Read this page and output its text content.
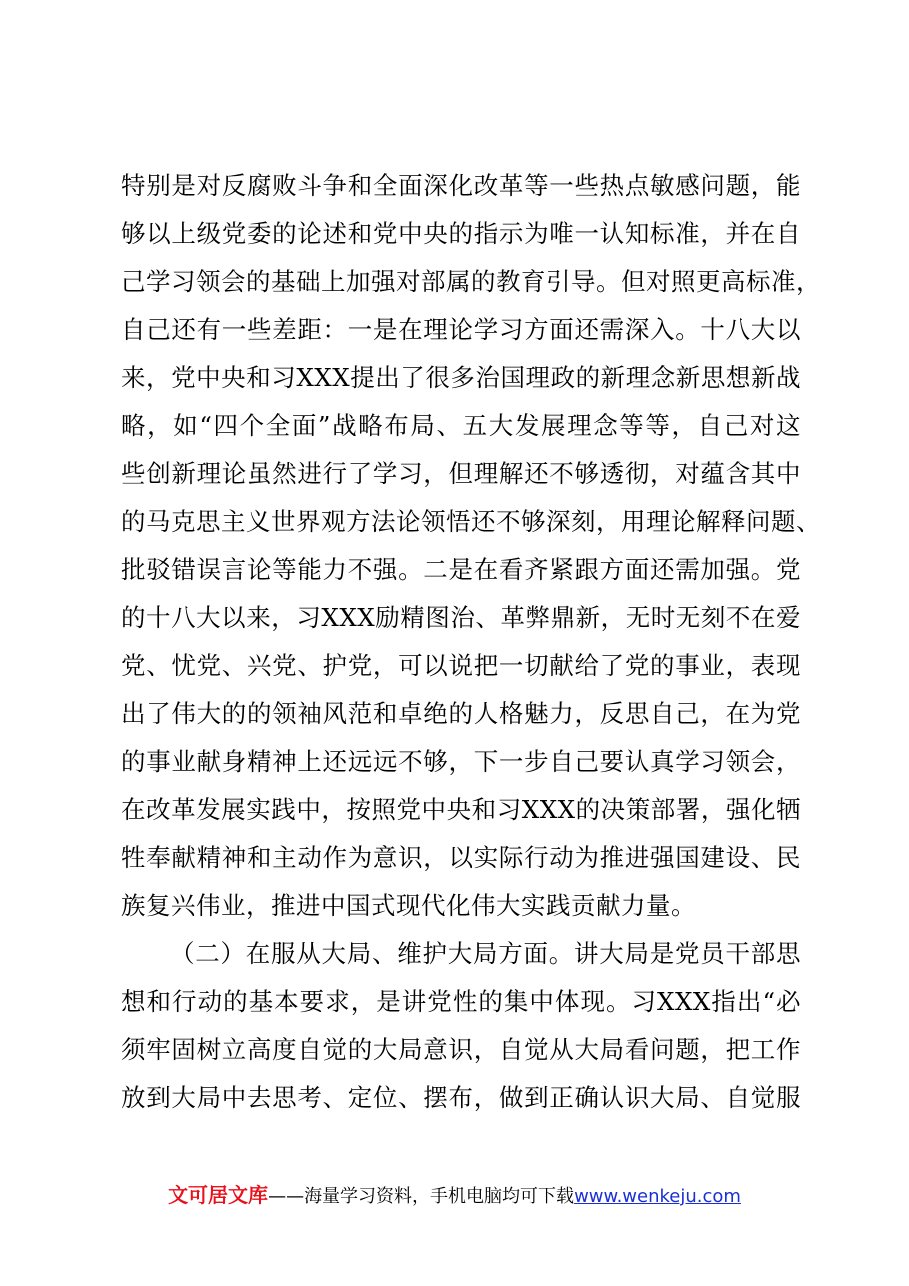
特别是对反腐败斗争和全面深化改革等一些热点敏感问题，能
够以上级党委的论述和党中央的指示为唯一认知标准，并在自
己学习领会的基础上加强对部属的教育引导。但对照更高标准，
自己还有一些差距：一是在理论学习方面还需深入。十八大以
来，党中央和习XXX提出了很多治国理政的新理念新思想新战
略，如“四个全面”战略布局、五大发展理念等等，自己对这
些创新理论虽然进行了学习，但理解还不够透彻，对蕴含其中
的马克思主义世界观方法论领悟还不够深刻，用理论解释问题、
批驳错误言论等能力不强。二是在看齐紧跟方面还需加强。党
的十八大以来，习XXX励精图治、革弊鼎新，无时无刻不在爱
党、忧党、兴党、护党，可以说把一切献给了党的事业，表现
出了伟大的的领袖风范和卓绝的人格魅力，反思自己，在为党
的事业献身精神上还远远不够，下一步自己要认真学习领会，
在改革发展实践中，按照党中央和习XXX的决策部署，强化牺
牲奉献精神和主动作为意识，以实际行动为推进强国建设、民
族复兴伟业，推进中国式现代化伟大实践贡献力量。
（二）在服从大局、维护大局方面。讲大局是党员干部思
想和行动的基本要求，是讲党性的集中体现。习XXX指出“必
须牢固树立高度自觉的大局意识，自觉从大局看问题，把工作
放到大局中去思考、定位、摆布，做到正确认识大局、自觉服
文可居文库——海量学习资料，手机电脑均可下载www.wenkeju.com
